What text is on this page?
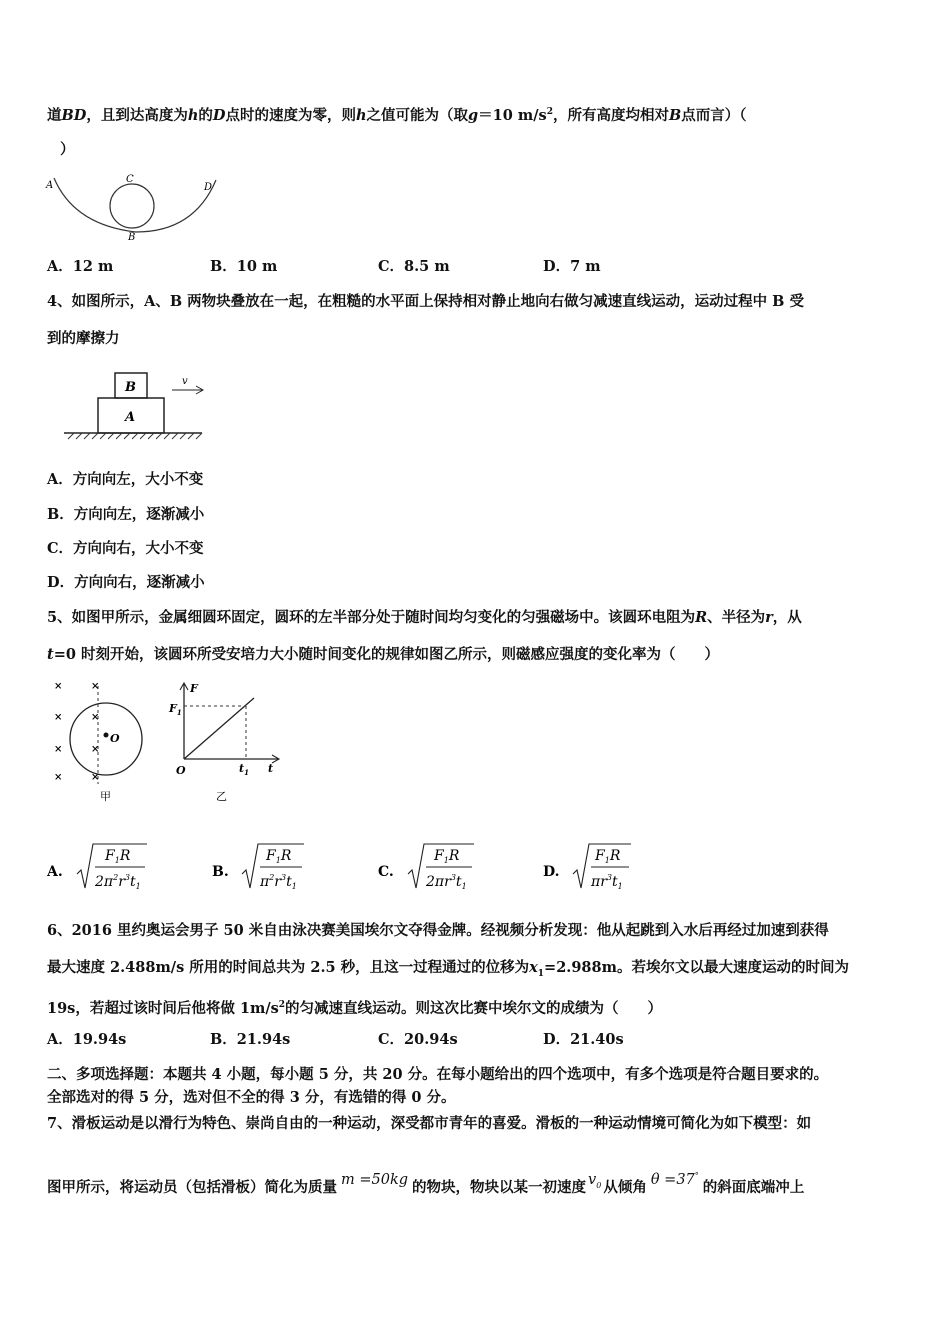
道BD，且到达高度为h的D点时的速度为零，则h之值可能为（取g＝10 $m/s^2$，所有高度均相对B点而言）（
）
A
C
D
B
A．12 m	B．10 m	C．8.5 m	D．7 m
4、如图所示，A、B 两物块叠放在一起，在粗糙的水平面上保持相对静止地向右做匀减速直线运动，运动过程中 B 受
到的摩擦力
B
A
v
A．方向向左，大小不变
B．方向向左，逐渐减小
C．方向向右，大小不变
D．方向向右，逐渐减小
5、如图甲所示，金属细圆环固定，圆环的左半部分处于随时间均匀变化的匀强磁场中。该圆环电阻为R、半径为r，从
t=0 时刻开始，该圆环所受安培力大小随时间变化的规律如图乙所示，则磁感应强度的变化率为（　　）
O
×	×
×	×
×	×
×	×
甲
F
$F_1$
O	$t_1$ t
乙
A.
$F_1R$
$2\pi^2r^3t_1$
B.
$F_1R$
$\pi^2r^3t_1$
C.
$F_1R$
$2\pi r^3t_1$
D.
$F_1R$
$\pi r^3t_1$
6、2016 里约奥运会男子 50 米自由泳决赛美国埃尔文夺得金牌。经视频分析发现：他从起跳到入水后再经过加速到获得
最大速度 2.488m/s 所用的时间总共为 2.5 秒，且这一过程通过的位移为$x_1=2.988m$。若埃尔文以最大速度运动的时间为
19s，若超过该时间后他将做 $1m/s^2$的匀减速直线运动。则这次比赛中埃尔文的成绩为（　　）
A．19.94s	B．21.94s	C．20.94s	D．21.40s
二、多项选择题：本题共 4 小题，每小题 5 分，共 20 分。在每小题给出的四个选项中，有多个选项是符合题目要求的。
全部选对的得 5 分，选对但不全的得 3 分，有选错的得 0 分。
7、滑板运动是以滑行为特色、崇尚自由的一种运动，深受都市青年的喜爱。滑板的一种运动情境可简化为如下模型：如
图甲所示，将运动员（包括滑板）简化为质量 m =50kg 的物块，物块以某一初速度 $v_0$ 从倾角 θ =37°的斜面底端冲上
